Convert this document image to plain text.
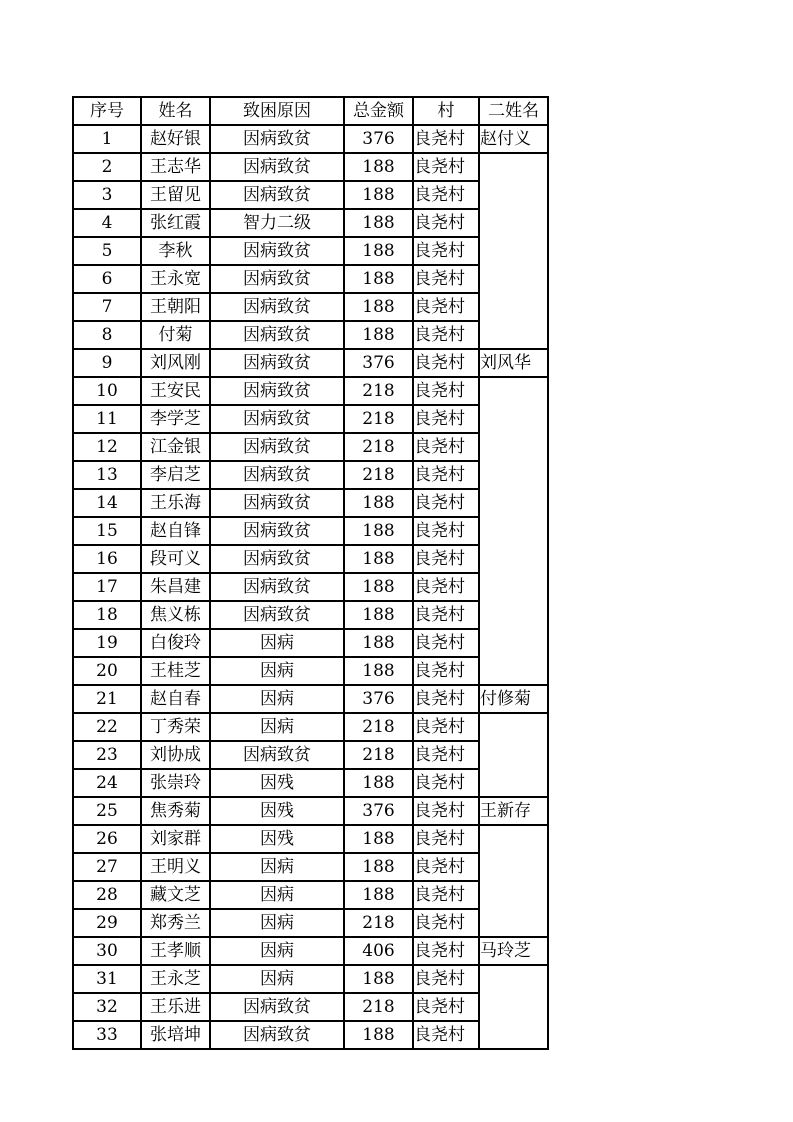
序号	姓名	致困原因	总金额	村	二姓名
1	赵好银	因病致贫	376	良尧村	赵付义
2	王志华	因病致贫	188	良尧村	
3	王留见	因病致贫	188	良尧村	
4	张红霞	智力二级	188	良尧村	
5	李秋	因病致贫	188	良尧村	
6	王永宽	因病致贫	188	良尧村	
7	王朝阳	因病致贫	188	良尧村	
8	付菊	因病致贫	188	良尧村	
9	刘风刚	因病致贫	376	良尧村	刘风华
10	王安民	因病致贫	218	良尧村	
11	李学芝	因病致贫	218	良尧村	
12	江金银	因病致贫	218	良尧村	
13	李启芝	因病致贫	218	良尧村	
14	王乐海	因病致贫	188	良尧村	
15	赵自锋	因病致贫	188	良尧村	
16	段可义	因病致贫	188	良尧村	
17	朱昌建	因病致贫	188	良尧村	
18	焦义栋	因病致贫	188	良尧村	
19	白俊玲	因病	188	良尧村	
20	王桂芝	因病	188	良尧村	
21	赵自春	因病	376	良尧村	付修菊
22	丁秀荣	因病	218	良尧村	
23	刘协成	因病致贫	218	良尧村	
24	张崇玲	因残	188	良尧村	
25	焦秀菊	因残	376	良尧村	王新存
26	刘家群	因残	188	良尧村	
27	王明义	因病	188	良尧村	
28	藏文芝	因病	188	良尧村	
29	郑秀兰	因病	218	良尧村	
30	王孝顺	因病	406	良尧村	马玲芝
31	王永芝	因病	188	良尧村	
32	王乐进	因病致贫	218	良尧村	
33	张培坤	因病致贫	188	良尧村	
